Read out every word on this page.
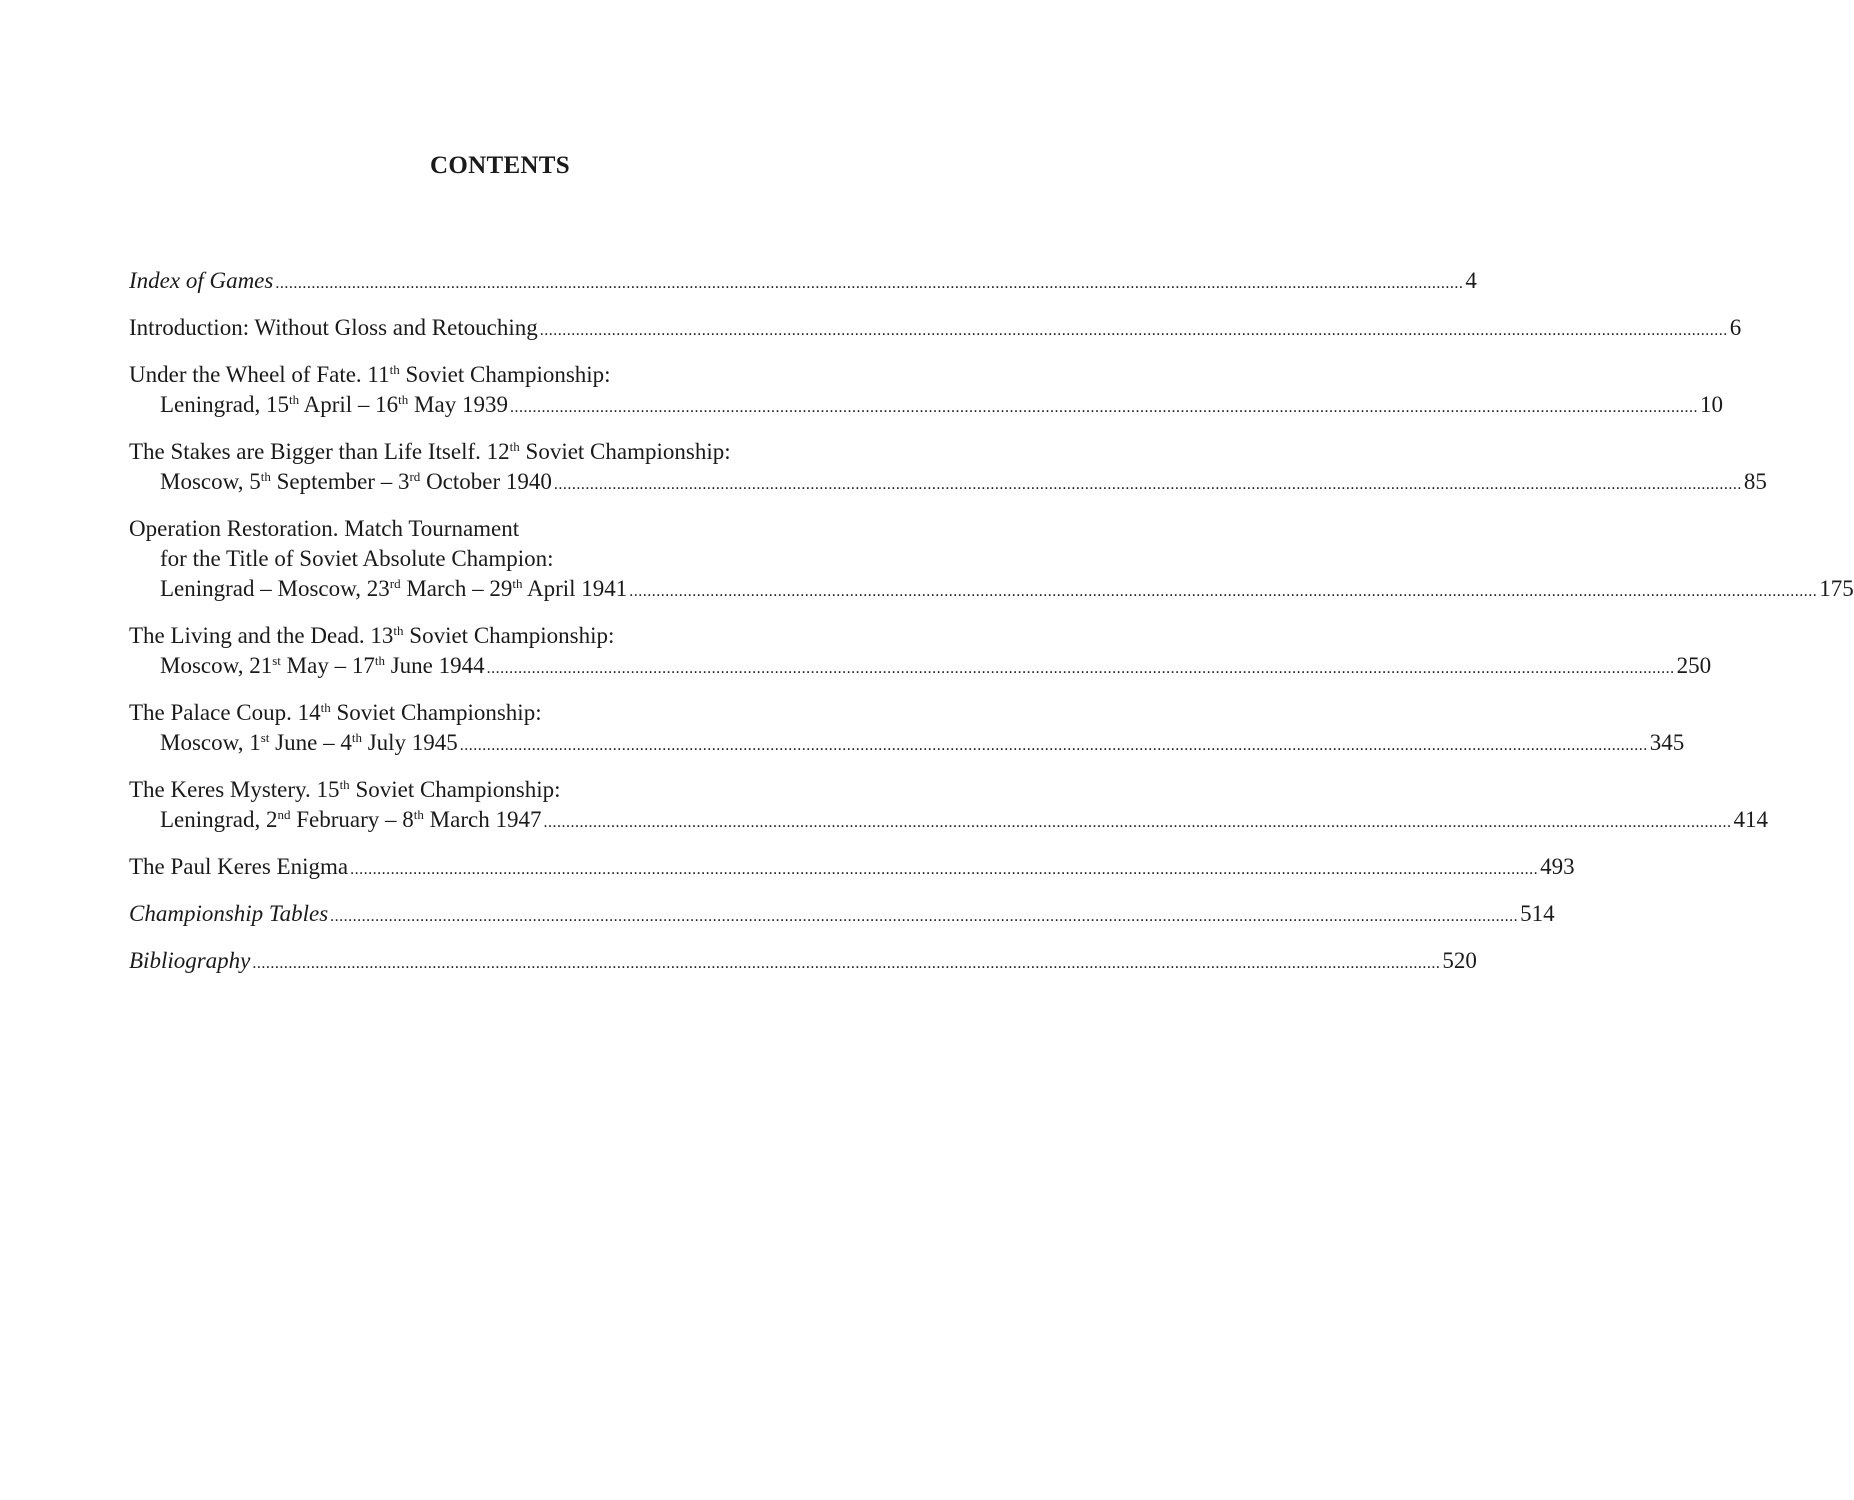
CONTENTS
Index of Games .....	4
Introduction: Without Gloss and Retouching .....	6
Under the Wheel of Fate. 11th Soviet Championship:
Leningrad, 15th April – 16th May 1939 .....	10
The Stakes are Bigger than Life Itself. 12th Soviet Championship:
Moscow, 5th September – 3rd October 1940 .....	85
Operation Restoration. Match Tournament
for the Title of Soviet Absolute Champion:
Leningrad – Moscow, 23rd March – 29th April 1941 .....	175
The Living and the Dead. 13th Soviet Championship:
Moscow, 21st May – 17th June 1944 .....	250
The Palace Coup. 14th Soviet Championship:
Moscow, 1st June – 4th July 1945 .....	345
The Keres Mystery. 15th Soviet Championship:
Leningrad, 2nd February – 8th March 1947 .....	414
The Paul Keres Enigma .....	493
Championship Tables .....	514
Bibliography .....	520
